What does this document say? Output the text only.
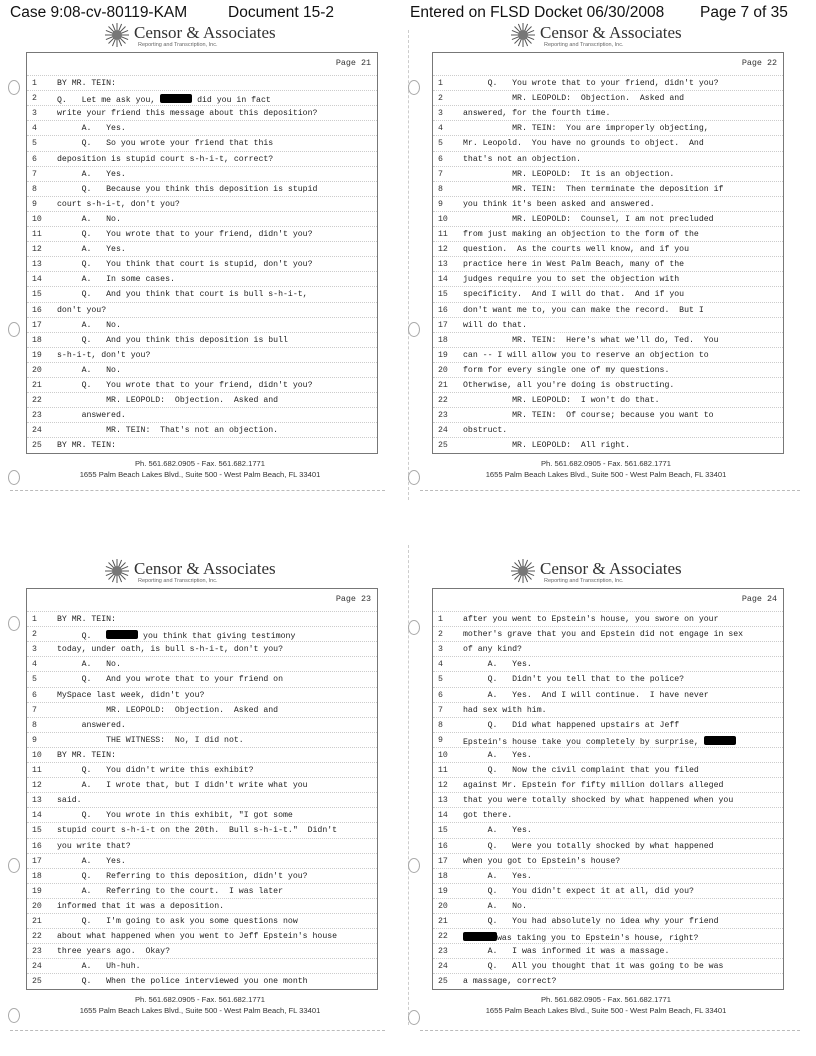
Case 9:08-cv-80119-KAM	Document 15-2	Entered on FLSD Docket 06/30/2008 Page 7 of 35
Censor & Associates
Reporting and Transcription, Inc.
Page 21
1	BY MR. TEIN:
2	Q.   Let me ask you,	did you in fact
3	write your friend this message about this deposition?
4	A.   Yes.
5	Q.   So you wrote your friend that this
6	deposition is stupid court s-h-i-t, correct?
7	A.   Yes.
8	Q.   Because you think this deposition is stupid
9	court s-h-i-t, don't you?
10	A.   No.
11	Q.   You wrote that to your friend, didn't you?
12	A.   Yes.
13	Q.   You think that court is stupid, don't you?
14	A.   In some cases.
15	Q.   And you think that court is bull s-h-i-t,
16	don't you?
17	A.   No.
18	Q.   And you think this deposition is bull
19	s-h-i-t, don't you?
20	A.   No.
21	Q.   You wrote that to your friend, didn't you?
22	MR. LEOPOLD:  Objection.  Asked and
23	answered.
24	MR. TEIN:  That's not an objection.
25	BY MR. TEIN:
Ph. 561.682.0905 - Fax. 561.682.1771
1655 Palm Beach Lakes Blvd., Suite 500 - West Palm Beach, FL 33401
Censor & Associates
Reporting and Transcription, Inc.
Page 22
1	Q.   You wrote that to your friend, didn't you?
2	MR. LEOPOLD:  Objection.  Asked and
3	answered, for the fourth time.
4	MR. TEIN:  You are improperly objecting,
5	Mr. Leopold.  You have no grounds to object.  And
6	that's not an objection.
7	MR. LEOPOLD:  It is an objection.
8	MR. TEIN:  Then terminate the deposition if
9	you think it's been asked and answered.
10	MR. LEOPOLD:  Counsel, I am not precluded
11	from just making an objection to the form of the
12	question.  As the courts well know, and if you
13	practice here in West Palm Beach, many of the
14	judges require you to set the objection with
15	specificity.  And I will do that.  And if you
16	don't want me to, you can make the record.  But I
17	will do that.
18	MR. TEIN:  Here's what we'll do, Ted.  You
19	can -- I will allow you to reserve an objection to
20	form for every single one of my questions.
21	Otherwise, all you're doing is obstructing.
22	MR. LEOPOLD:  I won't do that.
23	MR. TEIN:  Of course; because you want to
24	obstruct.
25	MR. LEOPOLD:  All right.
Ph. 561.682.0905 - Fax. 561.682.1771
1655 Palm Beach Lakes Blvd., Suite 500 - West Palm Beach, FL 33401
Censor & Associates
Reporting and Transcription, Inc.
Page 23
1	BY MR. TEIN:
2	Q.	you think that giving testimony
3	today, under oath, is bull s-h-i-t, don't you?
4	A.   No.
5	Q.   And you wrote that to your friend on
6	MySpace last week, didn't you?
7	MR. LEOPOLD:  Objection.  Asked and
8	answered.
9	THE WITNESS:  No, I did not.
10	BY MR. TEIN:
11	Q.   You didn't write this exhibit?
12	A.   I wrote that, but I didn't write what you
13	said.
14	Q.   You wrote in this exhibit, "I got some
15	stupid court s-h-i-t on the 20th.  Bull s-h-i-t."  Didn't
16	you write that?
17	A.   Yes.
18	Q.   Referring to this deposition, didn't you?
19	A.   Referring to the court.  I was later
20	informed that it was a deposition.
21	Q.   I'm going to ask you some questions now
22	about what happened when you went to Jeff Epstein's house
23	three years ago.  Okay?
24	A.   Uh-huh.
25	Q.   When the police interviewed you one month
Ph. 561.682.0905 - Fax. 561.682.1771
1655 Palm Beach Lakes Blvd., Suite 500 - West Palm Beach, FL 33401
Censor & Associates
Reporting and Transcription, Inc.
Page 24
1	after you went to Epstein's house, you swore on your
2	mother's grave that you and Epstein did not engage in sex
3	of any kind?
4	A.   Yes.
5	Q.   Didn't you tell that to the police?
6	A.   Yes.  And I will continue.  I have never
7	had sex with him.
8	Q.   Did what happened upstairs at Jeff
9	Epstein's house take you completely by surprise,
10	A.   Yes.
11	Q.   Now the civil complaint that you filed
12	against Mr. Epstein for fifty million dollars alleged
13	that you were totally shocked by what happened when you
14	got there.
15	A.   Yes.
16	Q.   Were you totally shocked by what happened
17	when you got to Epstein's house?
18	A.   Yes.
19	Q.   You didn't expect it at all, did you?
20	A.   No.
21	Q.   You had absolutely no idea why your friend
22	was taking you to Epstein's house, right?
23	A.   I was informed it was a massage.
24	Q.   All you thought that it was going to be was
25	a massage, correct?
Ph. 561.682.0905 - Fax. 561.682.1771
1655 Palm Beach Lakes Blvd., Suite 500 - West Palm Beach, FL 33401
